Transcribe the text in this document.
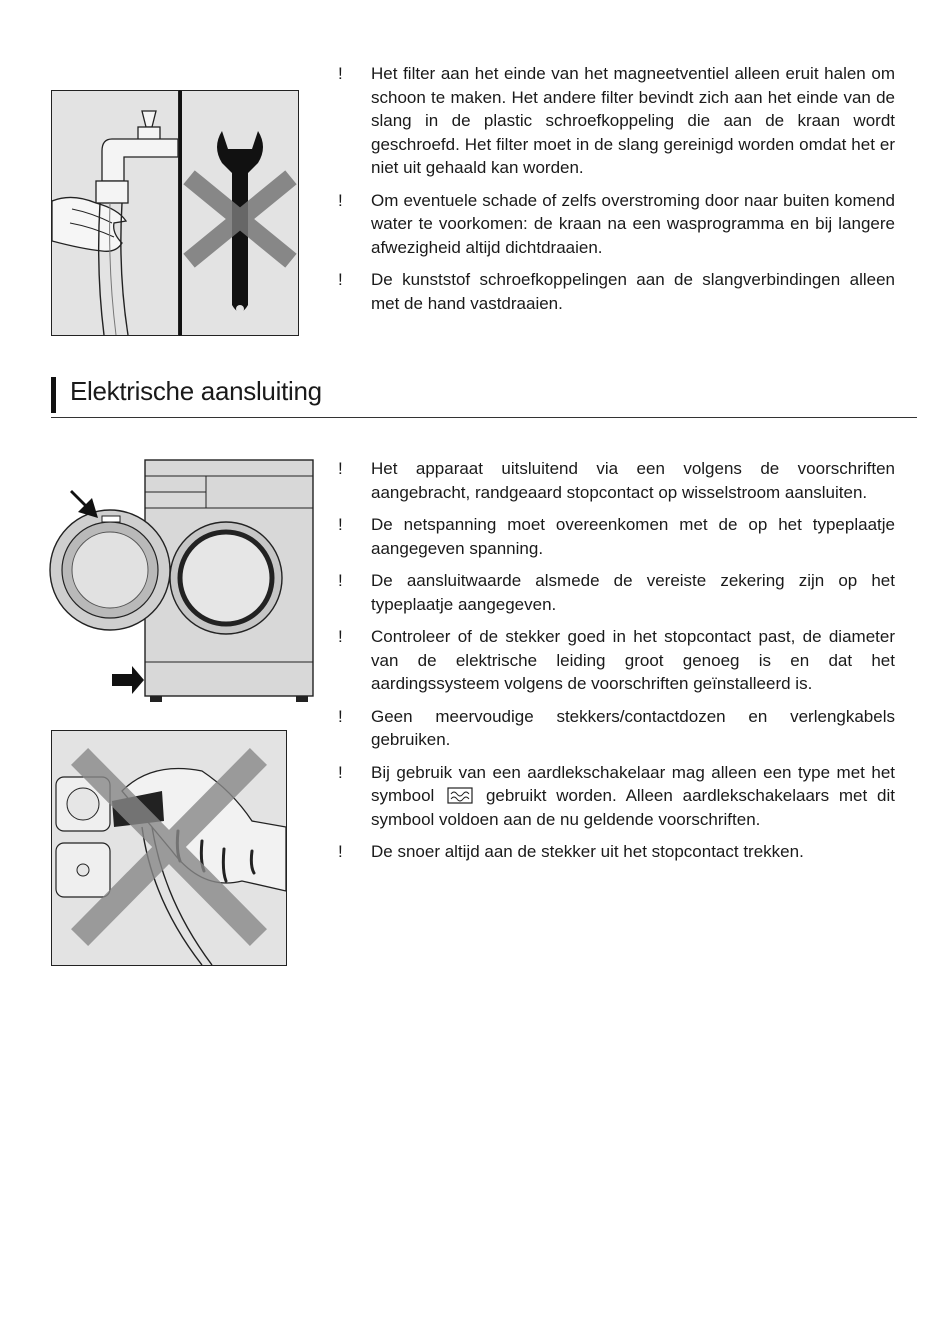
! Het filter aan het einde van het magneetventiel alleen eruit halen om schoon te maken. Het andere filter bevindt zich aan het einde van de slang in de plastic schroefkoppeling die aan de kraan wordt geschroefd. Het filter moet in de slang gereinigd worden omdat het er niet uit gehaald kan worden.
! Om eventuele schade of zelfs overstroming door naar buiten komend water te voorkomen: de kraan na een wasprogramma en bij langere afwezigheid altijd dichtdraaien.
! De kunststof schroefkoppelingen aan de slangverbindingen alleen met de hand vastdraaien.
Elektrische aansluiting
! Het apparaat uitsluitend via een volgens de voorschriften aangebracht, randgeaard stopcontact op wisselstroom aansluiten.
! De netspanning moet overeenkomen met de op het typeplaatje aangegeven spanning.
! De aansluitwaarde alsmede de vereiste zekering zijn op het typeplaatje aangegeven.
! Controleer of de stekker goed in het stopcontact past, de diameter van de elektrische leiding groot genoeg is en dat het aardingssysteem volgens de voorschriften geïnstalleerd is.
! Geen meervoudige stekkers/contactdozen en verlengkabels gebruiken.
! Bij gebruik van een aardlekschakelaar mag alleen een type met het symbool	gebruikt worden. Alleen aardlekschakelaars met dit symbool voldoen aan de nu geldende voorschriften.
! De snoer altijd aan de stekker uit het stopcontact trekken.
